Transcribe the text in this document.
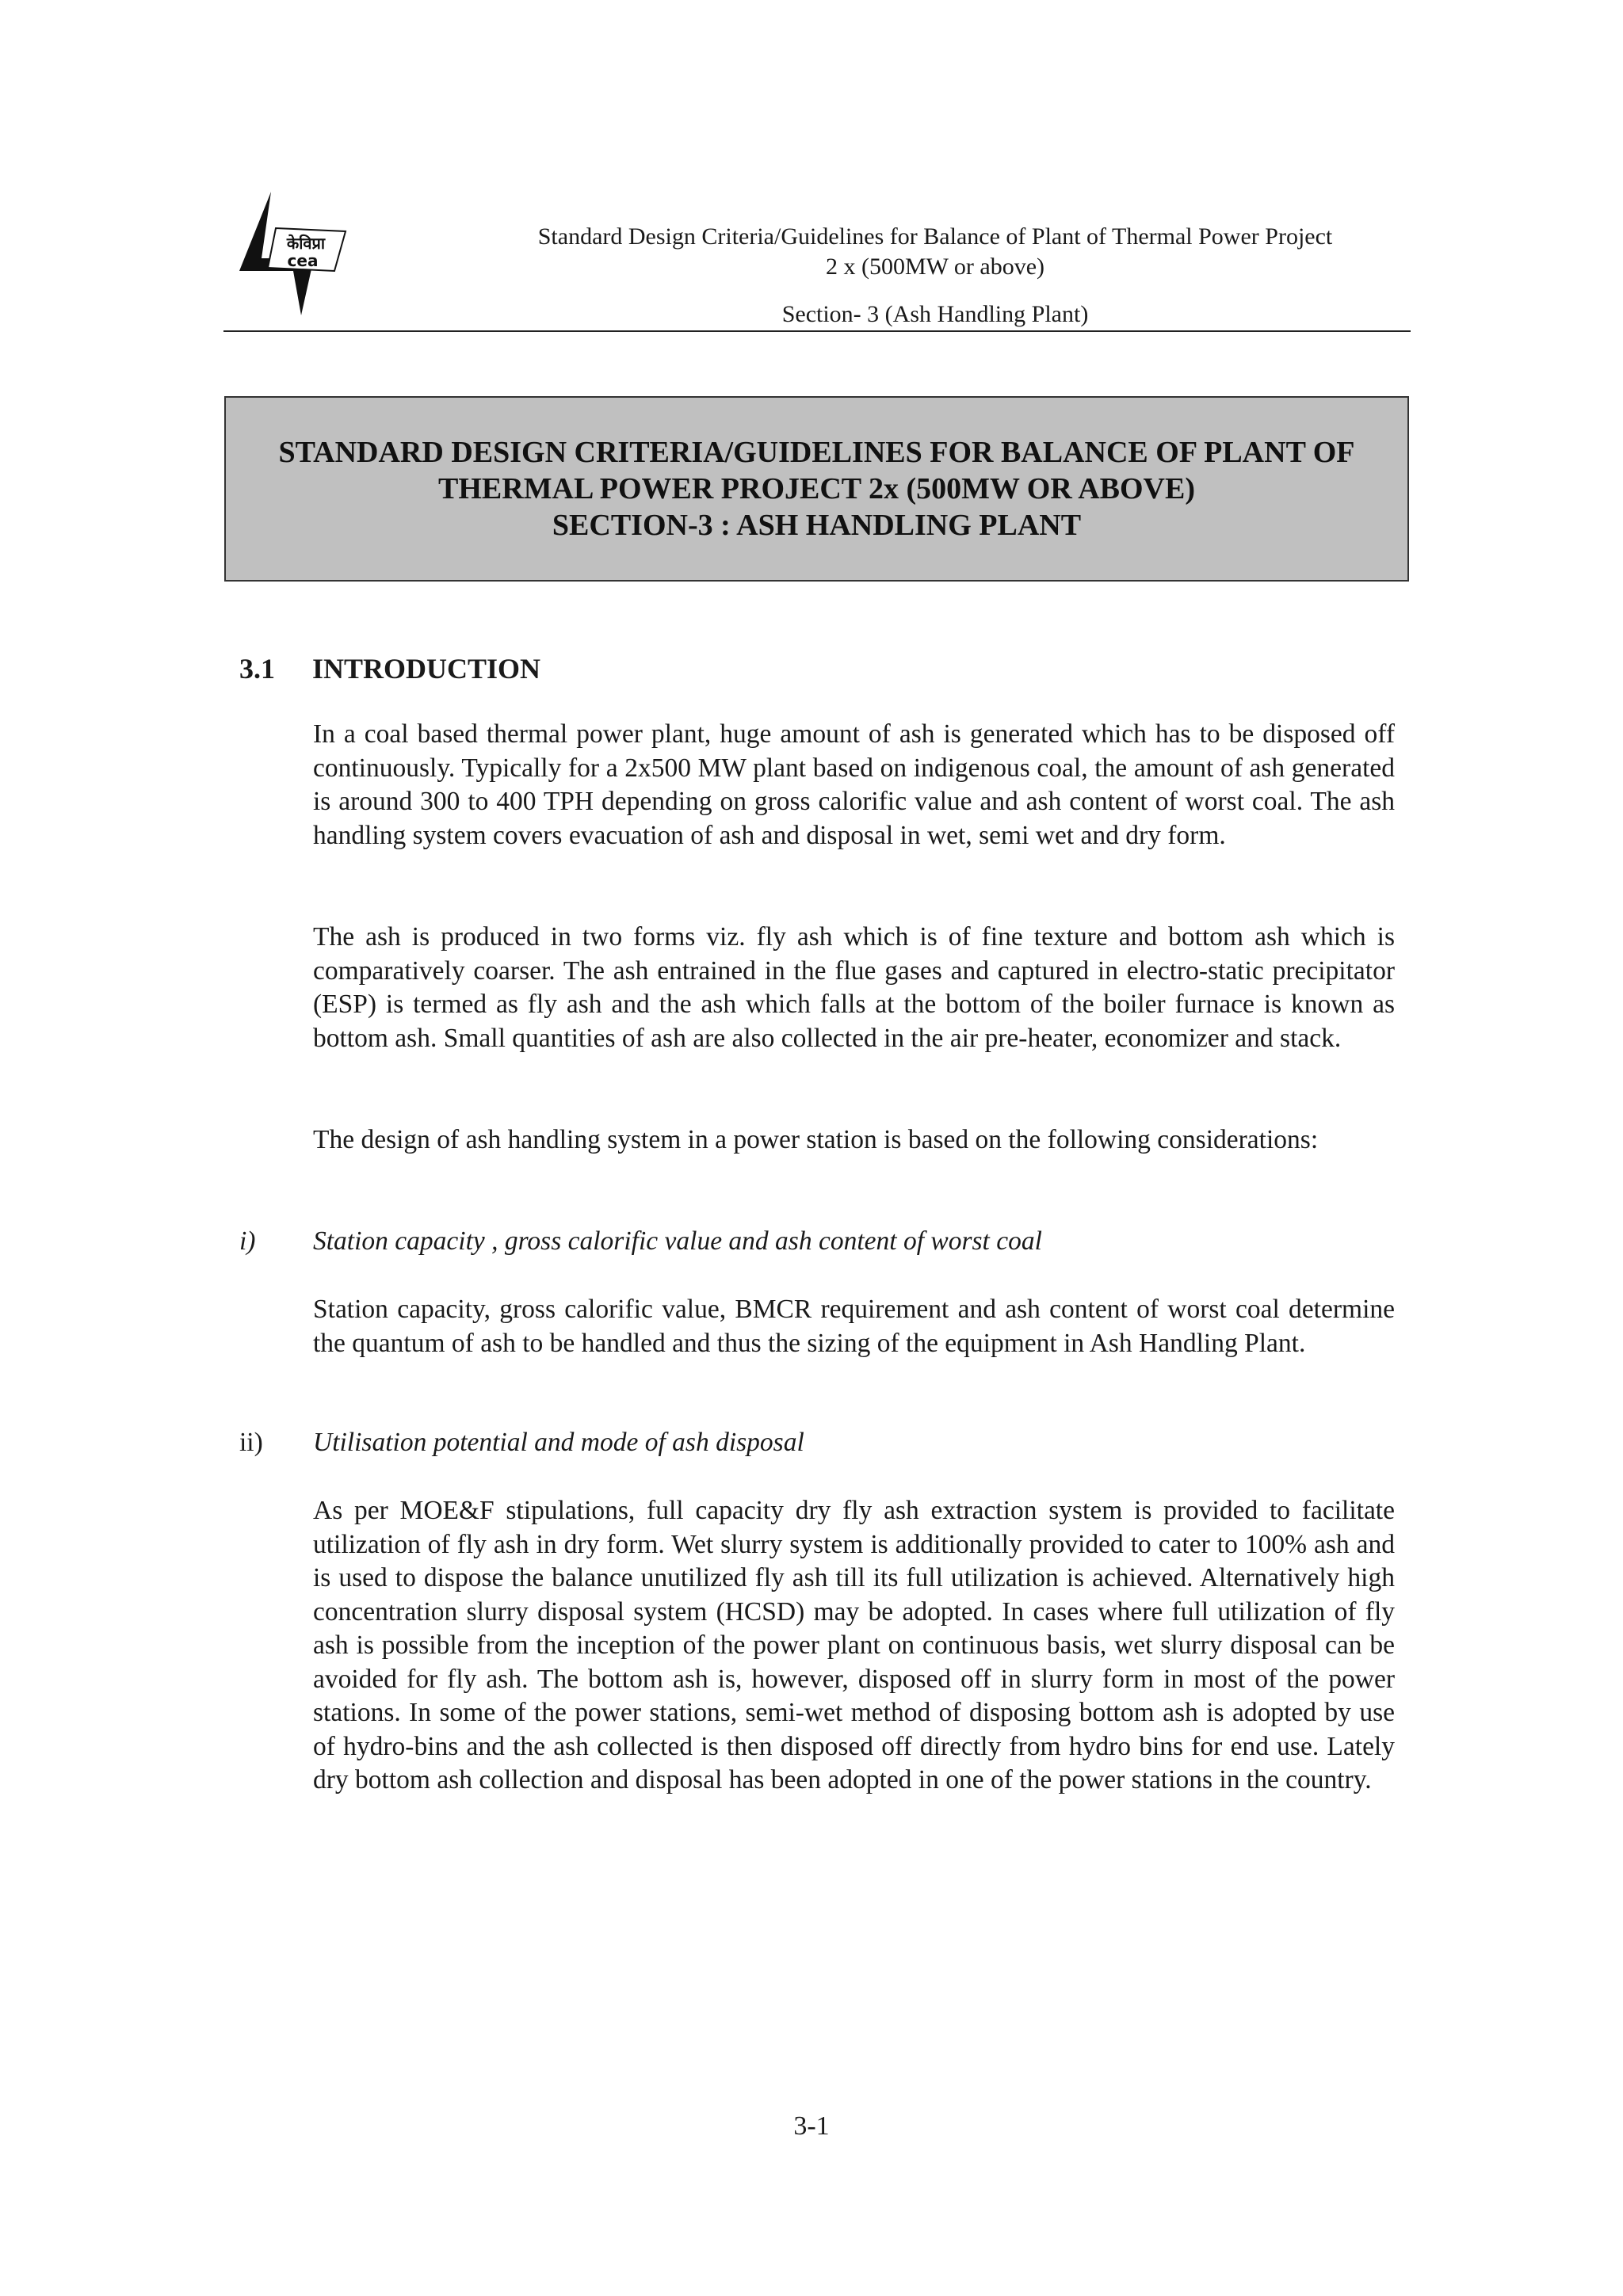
केविप्रा
cea
Standard Design Criteria/Guidelines for Balance of Plant of Thermal Power Project
2 x (500MW or above)
Section- 3 (Ash Handling Plant)
STANDARD DESIGN CRITERIA/GUIDELINES FOR BALANCE OF PLANT OF
THERMAL POWER PROJECT 2x (500MW OR ABOVE)
SECTION-3 : ASH HANDLING PLANT
3.1 INTRODUCTION
In a coal based thermal power plant, huge amount of ash is generated which has to be disposed off continuously. Typically for a 2x500 MW plant based on indigenous coal, the amount of ash generated is around 300 to 400 TPH depending on gross calorific value and ash content of worst coal. The ash handling system covers evacuation of ash and disposal in wet, semi wet and dry form.
The ash is produced in two forms viz. fly ash which is of fine texture and bottom ash which is comparatively coarser. The ash entrained in the flue gases and captured in electro-static precipitator (ESP) is termed as fly ash and the ash which falls at the bottom of the boiler furnace is known as bottom ash. Small quantities of ash are also collected in the air pre-heater, economizer and stack.
The design of ash handling system in a power station is based on the following considerations:
i) Station capacity , gross calorific value and ash content of worst coal
Station capacity, gross calorific value, BMCR requirement and ash content of worst coal determine the quantum of ash to be handled and thus the sizing of the equipment in Ash Handling Plant.
ii) Utilisation potential and mode of ash disposal
As per MOE&F stipulations, full capacity dry fly ash extraction system is provided to facilitate utilization of fly ash in dry form. Wet slurry system is additionally provided to cater to 100% ash and is used to dispose the balance unutilized fly ash till its full utilization is achieved. Alternatively high concentration slurry disposal system (HCSD) may be adopted. In cases where full utilization of fly ash is possible from the inception of the power plant on continuous basis, wet slurry disposal can be avoided for fly ash. The bottom ash is, however, disposed off in slurry form in most of the power stations. In some of the power stations, semi-wet method of disposing bottom ash is adopted by use of hydro-bins and the ash collected is then disposed off directly from hydro bins for end use. Lately dry bottom ash collection and disposal has been adopted in one of the power stations in the country.
3-1
